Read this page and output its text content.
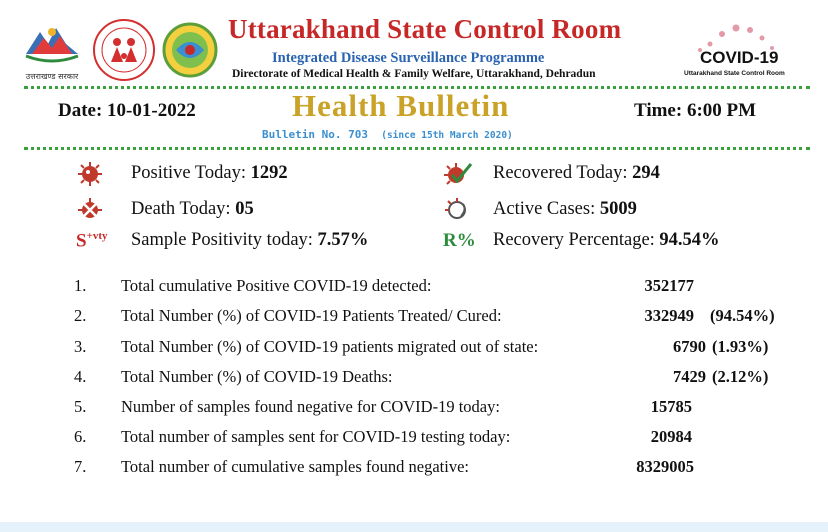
उत्तराखण्ड सरकार
Uttarakhand State Control Room
Integrated Disease Surveillance Programme
Directorate of Medical Health & Family Welfare, Uttarakhand, Dehradun
COVID-19
Uttarakhand State Control Room
Date: 10-01-2022	Health Bulletin	Time: 6:00 PM
Bulletin No. 703 (since 15th March 2020)
Positive Today: 1292	Recovered Today: 294
Death Today: 05	Active Cases: 5009
$S^{+vty}$ Sample Positivity today: 7.57%	R% Recovery Percentage: 94.54%
1. Total cumulative Positive COVID-19 detected:	352177
2. Total Number (%) of COVID-19 Patients Treated/ Cured:	332949 (94.54%)
3. Total Number (%) of COVID-19 patients migrated out of state:	6790 (1.93%)
4. Total Number (%) of COVID-19 Deaths:	7429 (2.12%)
5. Number of samples found negative for COVID-19 today:	15785
6. Total number of samples sent for COVID-19 testing today:	20984
7. Total number of cumulative samples found negative:	8329005
